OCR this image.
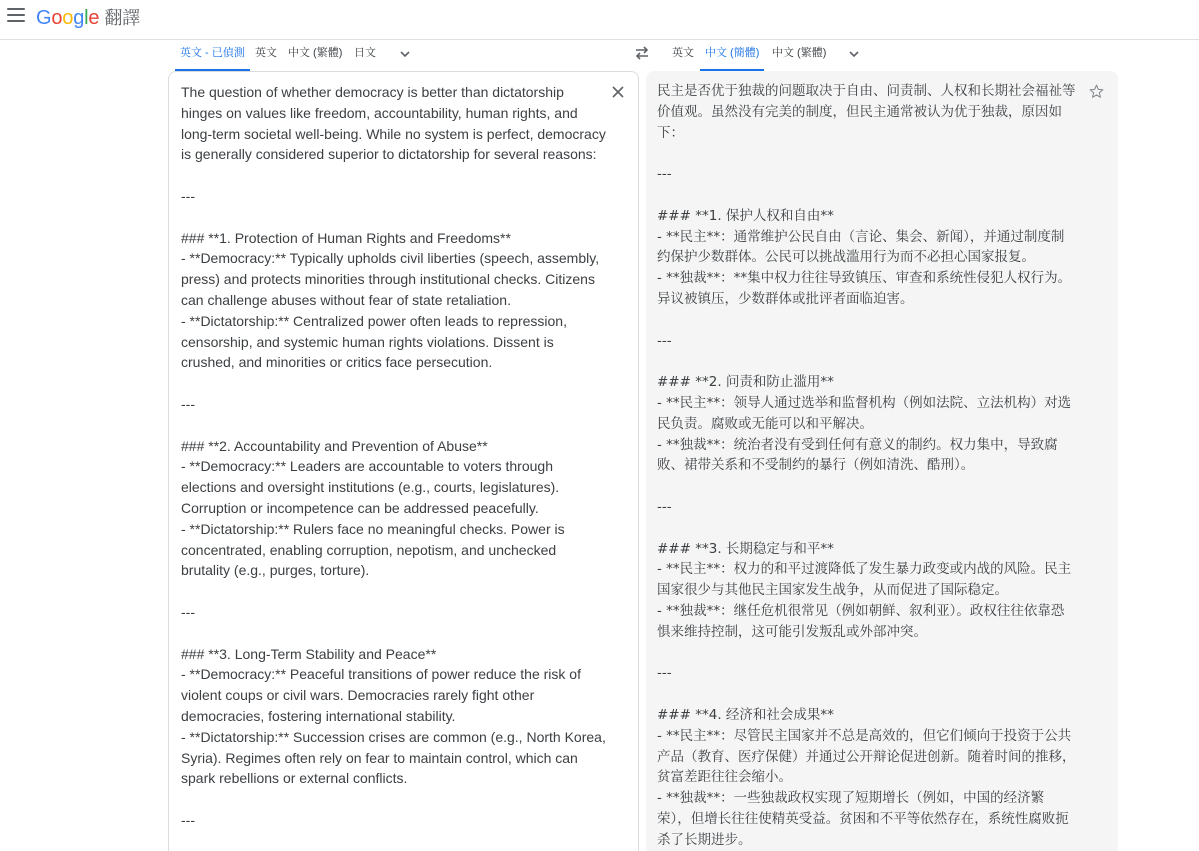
Google 翻譯
英文 - 已偵測 英文 中文 (繁體) 日文	英文	中文 (簡體)	中文 (繁體)
The question of whether democracy is better than dictatorship hinges on values like freedom, accountability, human rights, and long-term societal well-being. While no system is perfect, democracy is generally considered superior to dictatorship for several reasons:

---

### **1. Protection of Human Rights and Freedoms**
- **Democracy:** Typically upholds civil liberties (speech, assembly, press) and protects minorities through institutional checks. Citizens can challenge abuses without fear of state retaliation.
- **Dictatorship:** Centralized power often leads to repression, censorship, and systemic human rights violations. Dissent is crushed, and minorities or critics face persecution.

---

### **2. Accountability and Prevention of Abuse**
- **Democracy:** Leaders are accountable to voters through elections and oversight institutions (e.g., courts, legislatures). Corruption or incompetence can be addressed peacefully.
- **Dictatorship:** Rulers face no meaningful checks. Power is concentrated, enabling corruption, nepotism, and unchecked brutality (e.g., purges, torture).

---

### **3. Long-Term Stability and Peace**
- **Democracy:** Peaceful transitions of power reduce the risk of violent coups or civil wars. Democracies rarely fight other democracies, fostering international stability.
- **Dictatorship:** Succession crises are common (e.g., North Korea, Syria). Regimes often rely on fear to maintain control, which can spark rebellions or external conflicts.

---
民主是否优于独裁的问题取决于自由、问责制、人权和长期社会福祉等价值观。虽然没有完美的制度，但民主通常被认为优于独裁，原因如下：

---

### **1. 保护人权和自由**
- **民主**：通常维护公民自由（言论、集会、新闻），并通过制度制约保护少数群体。公民可以挑战滥用行为而不必担心国家报复。
- **独裁**：**集中权力往往导致镇压、审查和系统性侵犯人权行为。异议被镇压，少数群体或批评者面临迫害。

---

### **2. 问责和防止滥用**
- **民主**：领导人通过选举和监督机构（例如法院、立法机构）对选民负责。腐败或无能可以和平解决。
- **独裁**：统治者没有受到任何有意义的制约。权力集中，导致腐败、裙带关系和不受制约的暴行（例如清洗、酷刑）。

---

### **3. 长期稳定与和平**
- **民主**：权力的和平过渡降低了发生暴力政变或内战的风险。民主国家很少与其他民主国家发生战争，从而促进了国际稳定。
- **独裁**：继任危机很常见（例如朝鲜、叙利亚）。政权往往依靠恐惧来维持控制，这可能引发叛乱或外部冲突。

---

### **4. 经济和社会成果**
- **民主**：尽管民主国家并不总是高效的，但它们倾向于投资于公共产品（教育、医疗保健）并通过公开辩论促进创新。随着时间的推移，贫富差距往往会缩小。
- **独裁**：一些独裁政权实现了短期增长（例如，中国的经济繁荣），但增长往往使精英受益。贫困和不平等依然存在，系统性腐败扼杀了长期进步。
